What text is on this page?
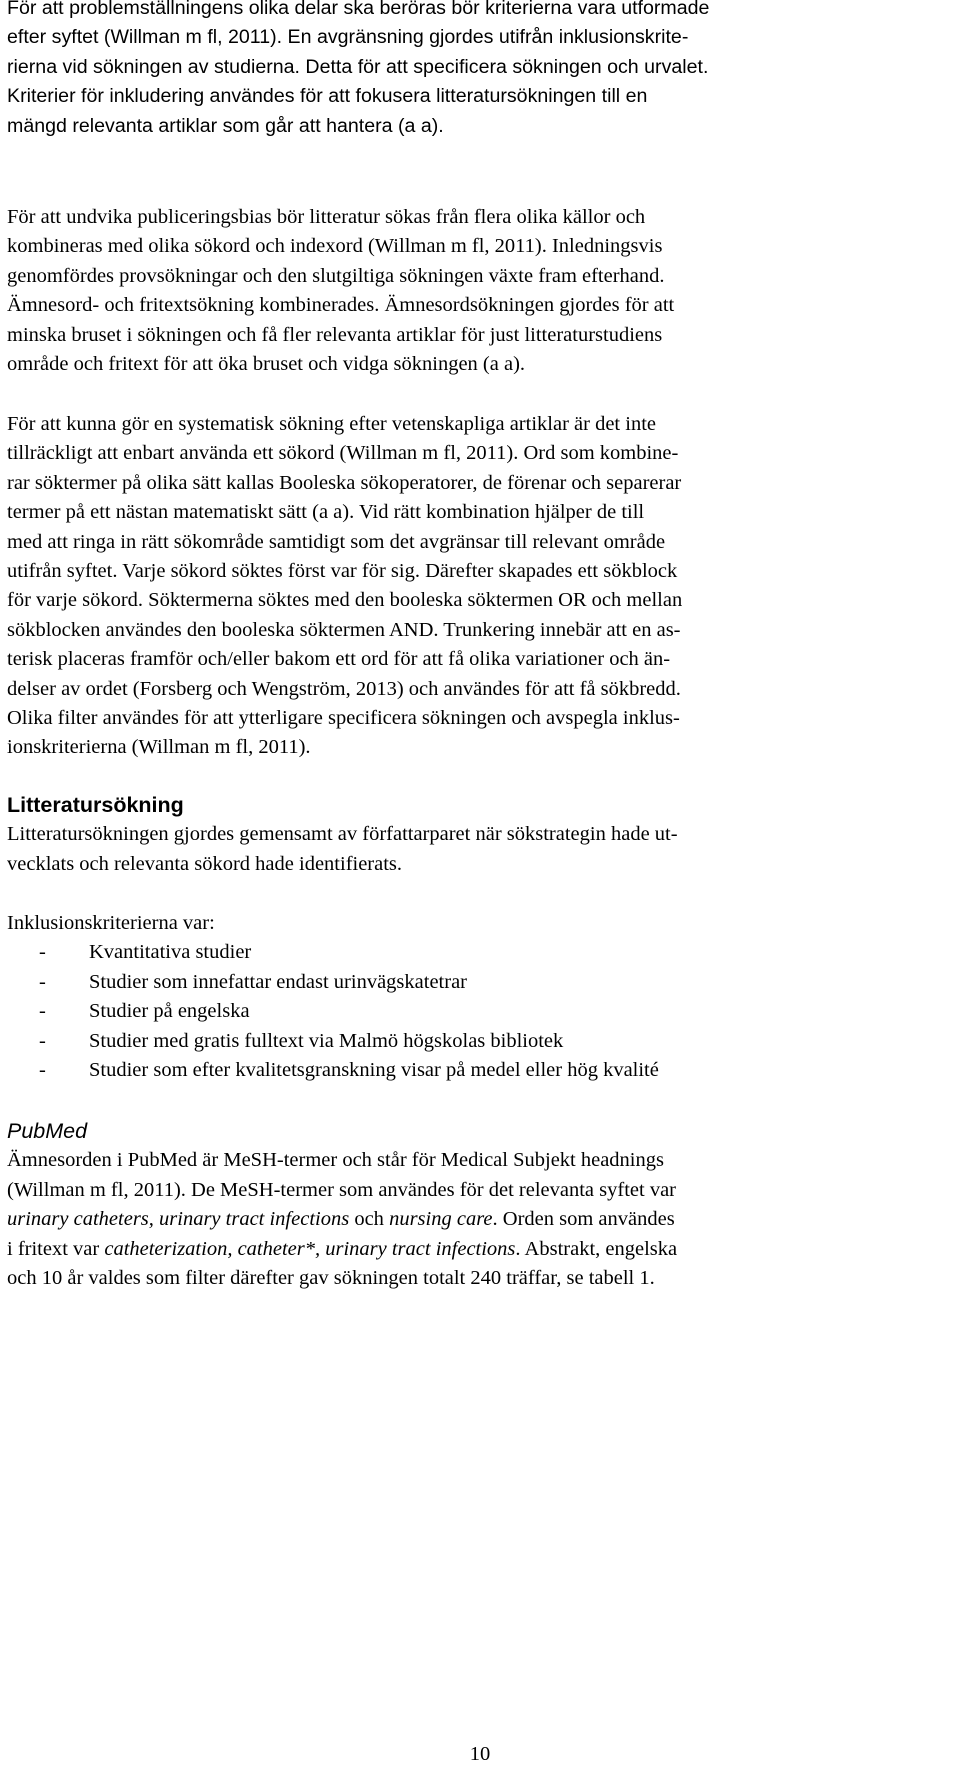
För att problemställningens olika delar ska beröras bör kriterierna vara utformade
efter syftet (Willman m fl, 2011). En avgränsning gjordes utifrån inklusionskrite-
rierna vid sökningen av studierna. Detta för att specificera sökningen och urvalet.
Kriterier för inkludering användes för att fokusera litteratursökningen till en
mängd relevanta artiklar som går att hantera (a a).
För att undvika publiceringsbias bör litteratur sökas från flera olika källor och
kombineras med olika sökord och indexord (Willman m fl, 2011). Inledningsvis
genomfördes provsökningar och den slutgiltiga sökningen växte fram efterhand.
Ämnesord- och fritextsökning kombinerades. Ämnesordsökningen gjordes för att
minska bruset i sökningen och få fler relevanta artiklar för just litteraturstudiens
område och fritext för att öka bruset och vidga sökningen (a a).
För att kunna gör en systematisk sökning efter vetenskapliga artiklar är det inte
tillräckligt att enbart använda ett sökord (Willman m fl, 2011). Ord som kombine-
rar söktermer på olika sätt kallas Booleska sökoperatorer, de förenar och separerar
termer på ett nästan matematiskt sätt (a a). Vid rätt kombination hjälper de till
med att ringa in rätt sökområde samtidigt som det avgränsar till relevant område
utifrån syftet. Varje sökord söktes först var för sig. Därefter skapades ett sökblock
för varje sökord. Söktermerna söktes med den booleska söktermen OR och mellan
sökblocken användes den booleska söktermen AND. Trunkering innebär att en as-
terisk placeras framför och/eller bakom ett ord för att få olika variationer och än-
delser av ordet (Forsberg och Wengström, 2013) och användes för att få sökbredd.
Olika filter användes för att ytterligare specificera sökningen och avspegla inklus-
ionskriterierna (Willman m fl, 2011).
Litteratursökning
Litteratursökningen gjordes gemensamt av författarparet när sökstrategin hade ut-
vecklats och relevanta sökord hade identifierats.
Inklusionskriterierna var:
- Kvantitativa studier
- Studier som innefattar endast urinvägskatetrar
- Studier på engelska
- Studier med gratis fulltext via Malmö högskolas bibliotek
- Studier som efter kvalitetsgranskning visar på medel eller hög kvalité
PubMed
Ämnesorden i PubMed är MeSH-termer och står för Medical Subjekt headnings
(Willman m fl, 2011). De MeSH-termer som användes för det relevanta syftet var
urinary catheters, urinary tract infections och nursing care. Orden som användes
i fritext var catheterization, catheter*, urinary tract infections. Abstrakt, engelska
och 10 år valdes som filter därefter gav sökningen totalt 240 träffar, se tabell 1.
10
